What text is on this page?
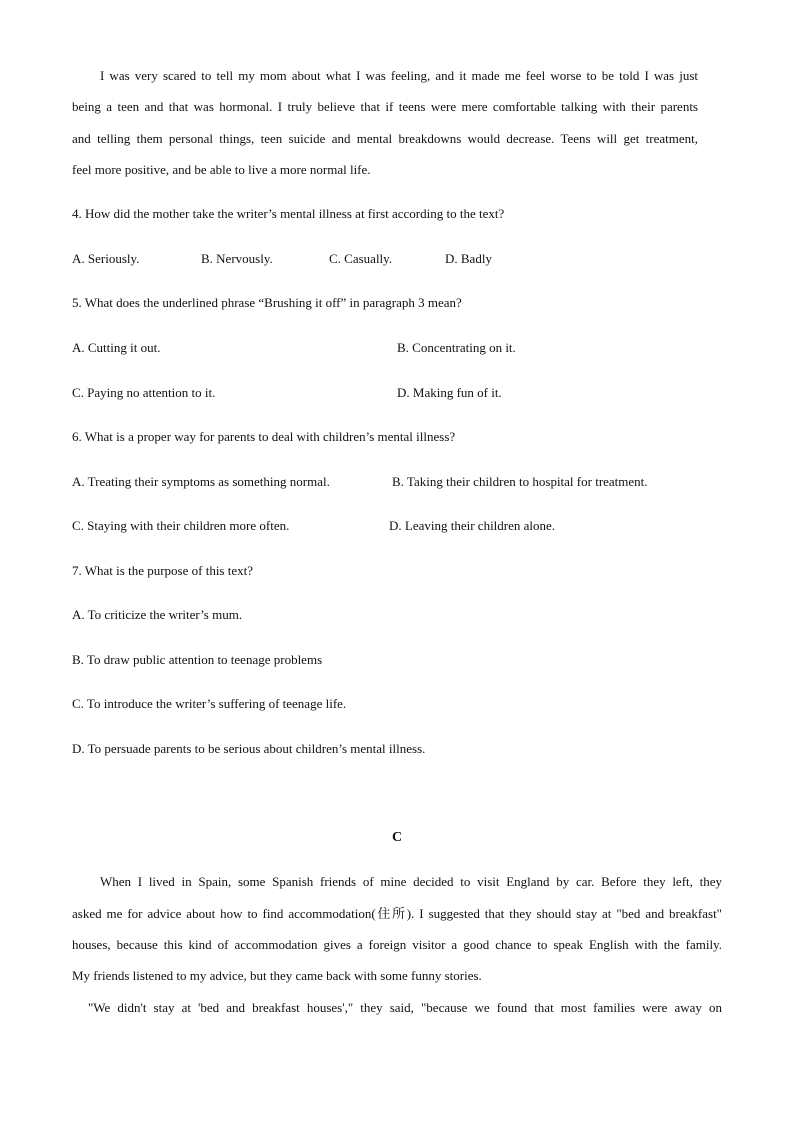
I was very scared to tell my mom about what I was feeling, and it made me feel worse to be told I was just
being a teen and that was hormonal. I truly believe that if teens were mere comfortable talking with their parents
and telling them personal things, teen suicide and mental breakdowns would decrease. Teens will get treatment,
feel more positive, and be able to live a more normal life.
4. How did the mother take the writer’s mental illness at first according to the text?
A. Seriously.	B. Nervously.	C. Casually.	D. Badly
5. What does the underlined phrase “Brushing it off” in paragraph 3 mean?
A. Cutting it out.	B. Concentrating on it.
C. Paying no attention to it.	D. Making fun of it.
6. What is a proper way for parents to deal with children’s mental illness?
A. Treating their symptoms as something normal.	B. Taking their children to hospital for treatment.
C. Staying with their children more often.	D. Leaving their children alone.
7. What is the purpose of this text?
A. To criticize the writer’s mum.
B. To draw public attention to teenage problems
C. To introduce the writer’s suffering of teenage life.
D. To persuade parents to be serious about children’s mental illness.
C
When I lived in Spain, some Spanish friends of mine decided to visit England by car. Before they left, they
asked me for advice about how to find accommodation(住所). I suggested that they should stay at "bed and breakfast"
houses, because this kind of accommodation gives a foreign visitor a good chance to speak English with the family.
My friends listened to my advice, but they came back with some funny stories.
"We didn't stay at 'bed and breakfast houses'," they said, "because we found that most families were away on
